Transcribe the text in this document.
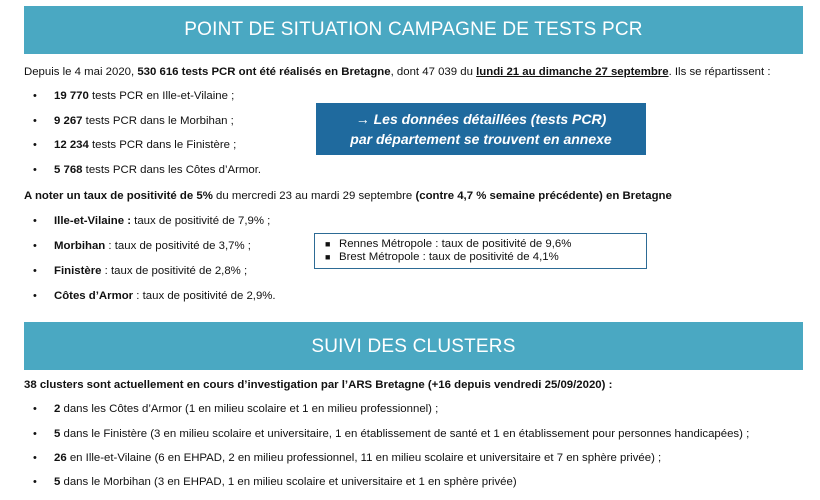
POINT DE SITUATION CAMPAGNE DE TESTS PCR
Depuis le 4 mai 2020, 530 616 tests PCR ont été réalisés en Bretagne, dont 47 039 du lundi 21 au dimanche 27 septembre. Ils se répartissent :
• 19 770 tests PCR en Ille-et-Vilaine ;
• 9 267 tests PCR dans le Morbihan ;
• 12 234 tests PCR dans le Finistère ;
• 5 768 tests PCR dans les Côtes d’Armor.
→ Les données détaillées (tests PCR)
par département se trouvent en annexe
A noter un taux de positivité de 5% du mercredi 23 au mardi 29 septembre (contre 4,7 % semaine précédente) en Bretagne
• Ille-et-Vilaine : taux de positivité de 7,9% ;
• Morbihan : taux de positivité de 3,7% ;
• Finistère : taux de positivité de 2,8% ;
• Côtes d’Armor : taux de positivité de 2,9%.
■ Rennes Métropole : taux de positivité de 9,6%
■ Brest Métropole : taux de positivité de 4,1%
SUIVI DES CLUSTERS
38 clusters sont actuellement en cours d’investigation par l’ARS Bretagne (+16 depuis vendredi 25/09/2020) :
• 2 dans les Côtes d’Armor (1 en milieu scolaire et 1 en milieu professionnel) ;
• 5 dans le Finistère (3 en milieu scolaire et universitaire, 1 en établissement de santé et 1 en établissement pour personnes handicapées) ;
• 26 en Ille-et-Vilaine (6 en EHPAD, 2 en milieu professionnel, 11 en milieu scolaire et universitaire et 7 en sphère privée) ;
• 5 dans le Morbihan (3 en EHPAD, 1 en milieu scolaire et universitaire et 1 en sphère privée)
